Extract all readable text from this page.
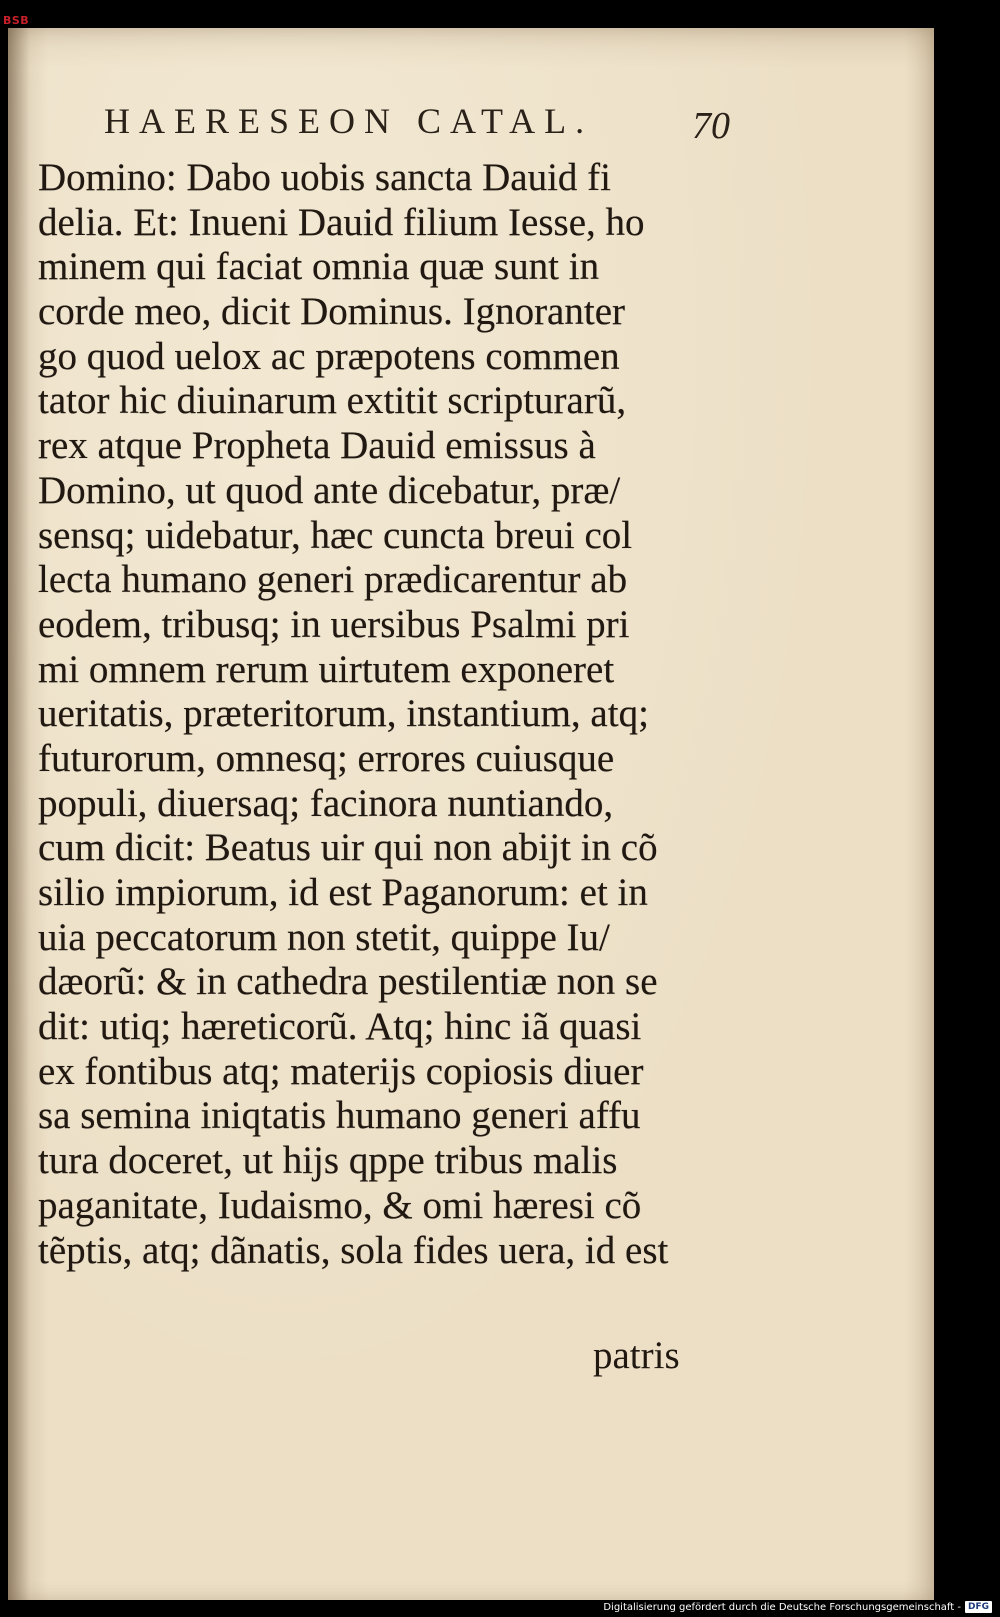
BSB
HAERESEON CATAL.	70
Domino: Dabo uobis sancta Dauid fi
delia. Et: Inueni Dauid filium Iesse, ho
minem qui faciat omnia quæ sunt in
corde meo, dicit Dominus. Ignoranter
go quod uelox ac præpotens commen
tator hic diuinarum extitit scripturarũ,
rex atque Propheta Dauid emissus à
Domino, ut quod ante dicebatur, præ/
sensq; uidebatur, hæc cuncta breui col
lecta humano generi prædicarentur ab
eodem, tribusq; in uersibus Psalmi pri
mi omnem rerum uirtutem exponeret
ueritatis, præteritorum, instantium, atq;
futurorum, omnesq; errores cuiusque
populi, diuersaq; facinora nuntiando,
cum dicit: Beatus uir qui non abijt in cõ
silio impiorum, id est Paganorum: et in
uia peccatorum non stetit, quippe Iu/
dæorũ: & in cathedra pestilentiæ non se
dit: utiq; hæreticorũ. Atq; hinc iã quasi
ex fontibus atq; materijs copiosis diuer
sa semina iniqtatis humano generi affu
tura doceret, ut hijs qppe tribus malis
paganitate, Iudaismo, & omi hæresi cõ
tẽptis, atq; dãnatis, sola fides uera, id est
patris
Digitalisierung gefördert durch die Deutsche Forschungsgemeinschaft - DFG
